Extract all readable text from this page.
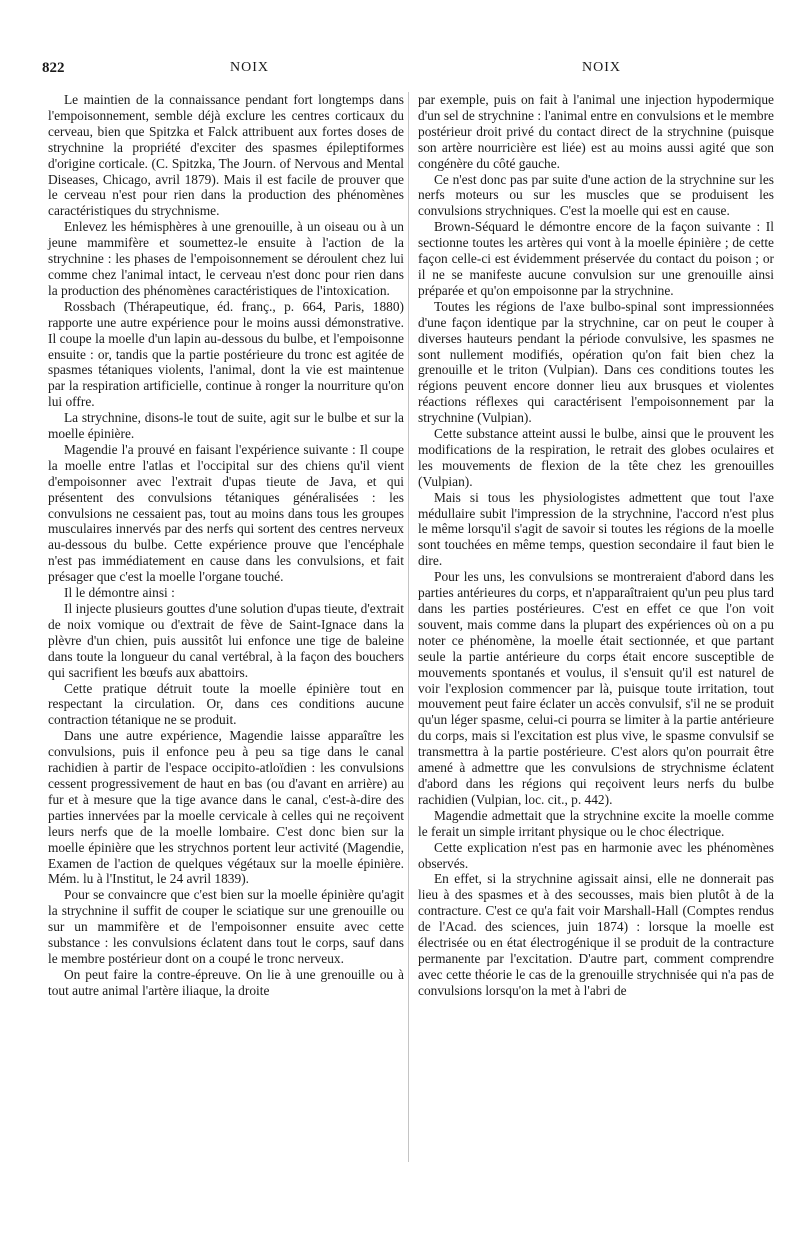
822	NOIX	NOIX

Le maintien de la connaissance pendant fort longtemps dans l'empoisonnement, semble déjà exclure les centres corticaux du cerveau, bien que Spitzka et Falck attribuent aux fortes doses de strychnine la propriété d'exciter des spasmes épileptiformes d'origine corticale. (C. Spitzka, The Journ. of Nervous and Mental Diseases, Chicago, avril 1879). Mais il est facile de prouver que le cerveau n'est pour rien dans la production des phénomènes caractéristiques du strychnisme.

Enlevez les hémisphères à une grenouille, à un oiseau ou à un jeune mammifère et soumettez-le ensuite à l'action de la strychnine : les phases de l'empoisonnement se déroulent chez lui comme chez l'animal intact, le cerveau n'est donc pour rien dans la production des phénomènes caractéristiques de l'intoxication.

Rossbach (Thérapeutique, éd. franç., p. 664, Paris, 1880) rapporte une autre expérience pour le moins aussi démonstrative. Il coupe la moelle d'un lapin au-dessous du bulbe, et l'empoisonne ensuite : or, tandis que la partie postérieure du tronc est agitée de spasmes tétaniques violents, l'animal, dont la vie est maintenue par la respiration artificielle, continue à ronger la nourriture qu'on lui offre.

La strychnine, disons-le tout de suite, agit sur le bulbe et sur la moelle épinière.

Magendie l'a prouvé en faisant l'expérience suivante : Il coupe la moelle entre l'atlas et l'occipital sur des chiens qu'il vient d'empoisonner avec l'extrait d'upas tieute de Java, et qui présentent des convulsions tétaniques généralisées : les convulsions ne cessaient pas, tout au moins dans tous les groupes musculaires innervés par des nerfs qui sortent des centres nerveux au-dessous du bulbe. Cette expérience prouve que l'encéphale n'est pas immédiatement en cause dans les convulsions, et fait présager que c'est la moelle l'organe touché.

Il le démontre ainsi :

Il injecte plusieurs gouttes d'une solution d'upas tieute, d'extrait de noix vomique ou d'extrait de fève de Saint-Ignace dans la plèvre d'un chien, puis aussitôt lui enfonce une tige de baleine dans toute la longueur du canal vertébral, à la façon des bouchers qui sacrifient les bœufs aux abattoirs.

Cette pratique détruit toute la moelle épinière tout en respectant la circulation. Or, dans ces conditions aucune contraction tétanique ne se produit.

Dans une autre expérience, Magendie laisse apparaître les convulsions, puis il enfonce peu à peu sa tige dans le canal rachidien à partir de l'espace occipito-atloïdien : les convulsions cessent progressivement de haut en bas (ou d'avant en arrière) au fur et à mesure que la tige avance dans le canal, c'est-à-dire des parties innervées par la moelle cervicale à celles qui ne reçoivent leurs nerfs que de la moelle lombaire. C'est donc bien sur la moelle épinière que les strychnos portent leur activité (Magendie, Examen de l'action de quelques végétaux sur la moelle épinière. Mém. lu à l'Institut, le 24 avril 1839).

Pour se convaincre que c'est bien sur la moelle épinière qu'agit la strychnine il suffit de couper le sciatique sur une grenouille ou sur un mammifère et de l'empoisonner ensuite avec cette substance : les convulsions éclatent dans tout le corps, sauf dans le membre postérieur dont on a coupé le tronc nerveux.

On peut faire la contre-épreuve. On lie à une grenouille ou à tout autre animal l'artère iliaque, la droite

par exemple, puis on fait à l'animal une injection hypodermique d'un sel de strychnine : l'animal entre en convulsions et le membre postérieur droit privé du contact direct de la strychnine (puisque son artère nourricière est liée) est au moins aussi agité que son congénère du côté gauche.

Ce n'est donc pas par suite d'une action de la strychnine sur les nerfs moteurs ou sur les muscles que se produisent les convulsions strychniques. C'est la moelle qui est en cause.

Brown-Séquard le démontre encore de la façon suivante : Il sectionne toutes les artères qui vont à la moelle épinière ; de cette façon celle-ci est évidemment préservée du contact du poison ; or il ne se manifeste aucune convulsion sur une grenouille ainsi préparée et qu'on empoisonne par la strychnine.

Toutes les régions de l'axe bulbo-spinal sont impressionnées d'une façon identique par la strychnine, car on peut le couper à diverses hauteurs pendant la période convulsive, les spasmes ne sont nullement modifiés, opération qu'on fait bien chez la grenouille et le triton (Vulpian). Dans ces conditions toutes les régions peuvent encore donner lieu aux brusques et violentes réactions réflexes qui caractérisent l'empoisonnement par la strychnine (Vulpian).

Cette substance atteint aussi le bulbe, ainsi que le prouvent les modifications de la respiration, le retrait des globes oculaires et les mouvements de flexion de la tête chez les grenouilles (Vulpian).

Mais si tous les physiologistes admettent que tout l'axe médullaire subit l'impression de la strychnine, l'accord n'est plus le même lorsqu'il s'agit de savoir si toutes les régions de la moelle sont touchées en même temps, question secondaire il faut bien le dire.

Pour les uns, les convulsions se montreraient d'abord dans les parties antérieures du corps, et n'apparaîtraient qu'un peu plus tard dans les parties postérieures. C'est en effet ce que l'on voit souvent, mais comme dans la plupart des expériences où on a pu noter ce phénomène, la moelle était sectionnée, et que partant seule la partie antérieure du corps était encore susceptible de mouvements spontanés et voulus, il s'ensuit qu'il est naturel de voir l'explosion commencer par là, puisque toute irritation, tout mouvement peut faire éclater un accès convulsif, s'il ne se produit qu'un léger spasme, celui-ci pourra se limiter à la partie antérieure du corps, mais si l'excitation est plus vive, le spasme convulsif se transmettra à la partie postérieure. C'est alors qu'on pourrait être amené à admettre que les convulsions de strychnisme éclatent d'abord dans les régions qui reçoivent leurs nerfs du bulbe rachidien (Vulpian, loc. cit., p. 442).

Magendie admettait que la strychnine excite la moelle comme le ferait un simple irritant physique ou le choc électrique.

Cette explication n'est pas en harmonie avec les phénomènes observés.

En effet, si la strychnine agissait ainsi, elle ne donnerait pas lieu à des spasmes et à des secousses, mais bien plutôt à de la contracture. C'est ce qu'a fait voir Marshall-Hall (Comptes rendus de l'Acad. des sciences, juin 1874) : lorsque la moelle est électrisée ou en état électrogénique il se produit de la contracture permanente par l'excitation. D'autre part, comment comprendre avec cette théorie le cas de la grenouille strychnisée qui n'a pas de convulsions lorsqu'on la met à l'abri de
